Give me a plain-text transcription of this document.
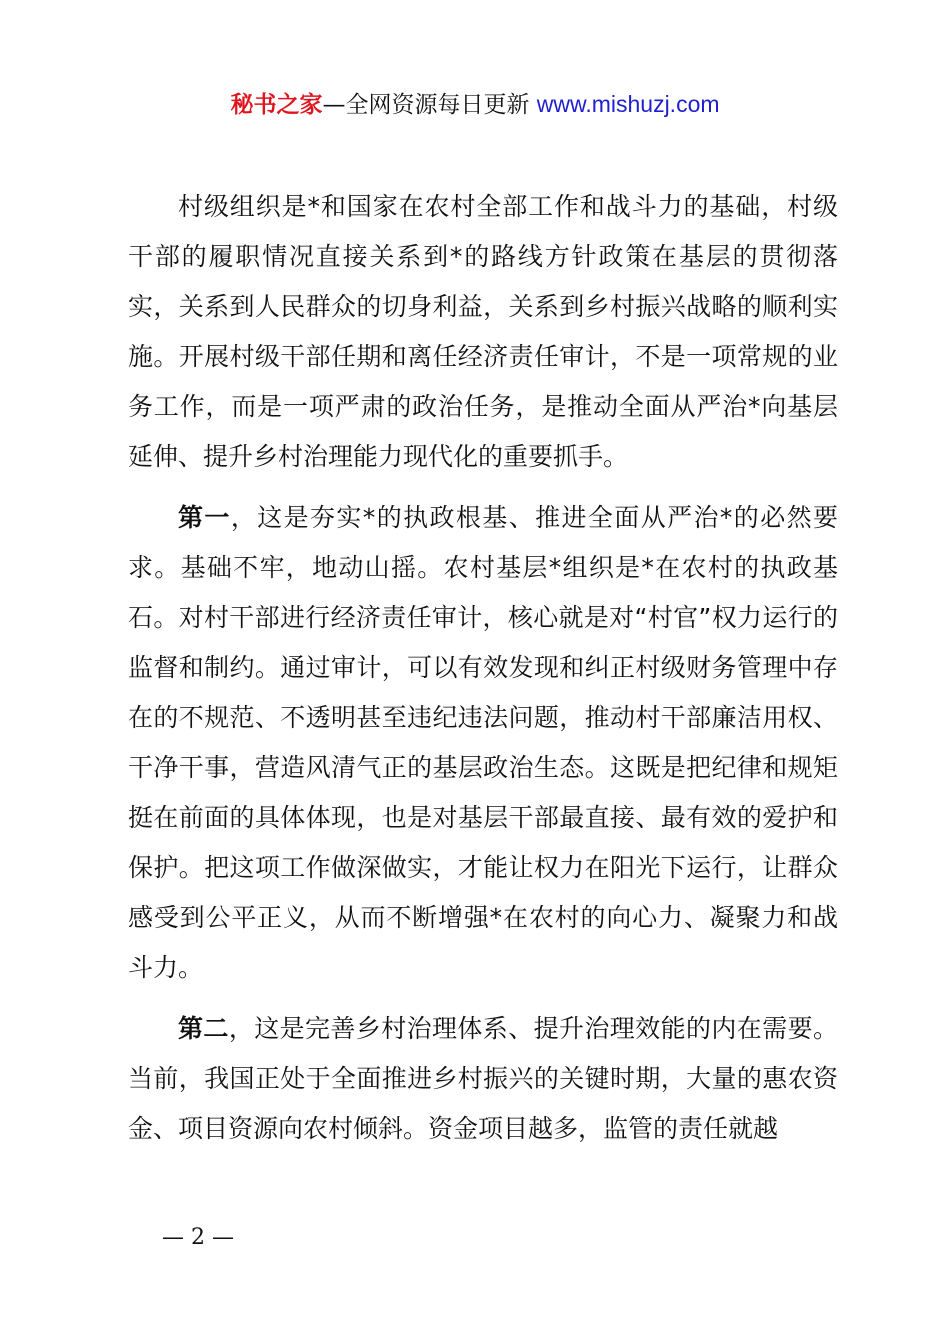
秘书之家—全网资源每日更新 www.mishuzj.com

村级组织是*和国家在农村全部工作和战斗力的基础，村级干部的履职情况直接关系到*的路线方针政策在基层的贯彻落实，关系到人民群众的切身利益，关系到乡村振兴战略的顺利实施。开展村级干部任期和离任经济责任审计，不是一项常规的业务工作，而是一项严肃的政治任务，是推动全面从严治*向基层延伸、提升乡村治理能力现代化的重要抓手。

第一，这是夯实*的执政根基、推进全面从严治*的必然要求。基础不牢，地动山摇。农村基层*组织是*在农村的执政基石。对村干部进行经济责任审计，核心就是对“村官”权力运行的监督和制约。通过审计，可以有效发现和纠正村级财务管理中存在的不规范、不透明甚至违纪违法问题，推动村干部廉洁用权、干净干事，营造风清气正的基层政治生态。这既是把纪律和规矩挺在前面的具体体现，也是对基层干部最直接、最有效的爱护和保护。把这项工作做深做实，才能让权力在阳光下运行，让群众感受到公平正义，从而不断增强*在农村的向心力、凝聚力和战斗力。

第二，这是完善乡村治理体系、提升治理效能的内在需要。当前，我国正处于全面推进乡村振兴的关键时期，大量的惠农资金、项目资源向农村倾斜。资金项目越多，监管的责任就越

— 2 —
